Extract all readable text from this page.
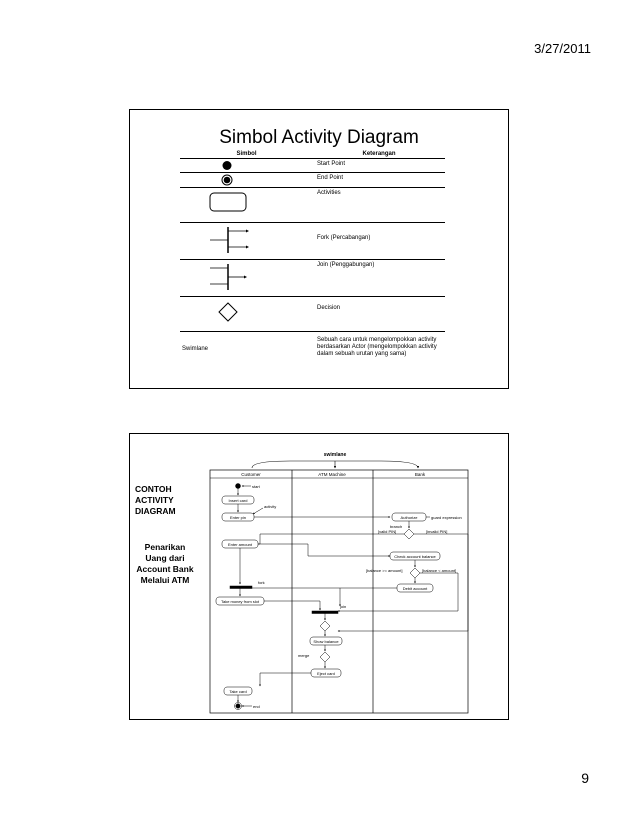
3/27/2011
Simbol Activity Diagram
Simbol	Keterangan

	Start Point

	End Point

	Activities

	Fork (Percabangan)

	Join (Penggabungan)

	Decision
Swimlane	Sebuah cara untuk mengelompokkan activity berdasarkan Actor (mengelompokkan activity dalam sebuah urutan yang sama)
CONTOH ACTIVITY DIAGRAM
Penarikan Uang dari Account Bank Melalui ATM
swimlane
Customer	ATM Machine	Bank
start
activity
Insert card
Enter pin	Authorize	guard expression
branch
[valid PIN]	[invalid PIN]
Enter amount
Check account balance
[balance >= amount]	[balance < amount]
Debit account
fork
Take money from slot
join
Show balance
merge
Eject card
Take card
end
9
